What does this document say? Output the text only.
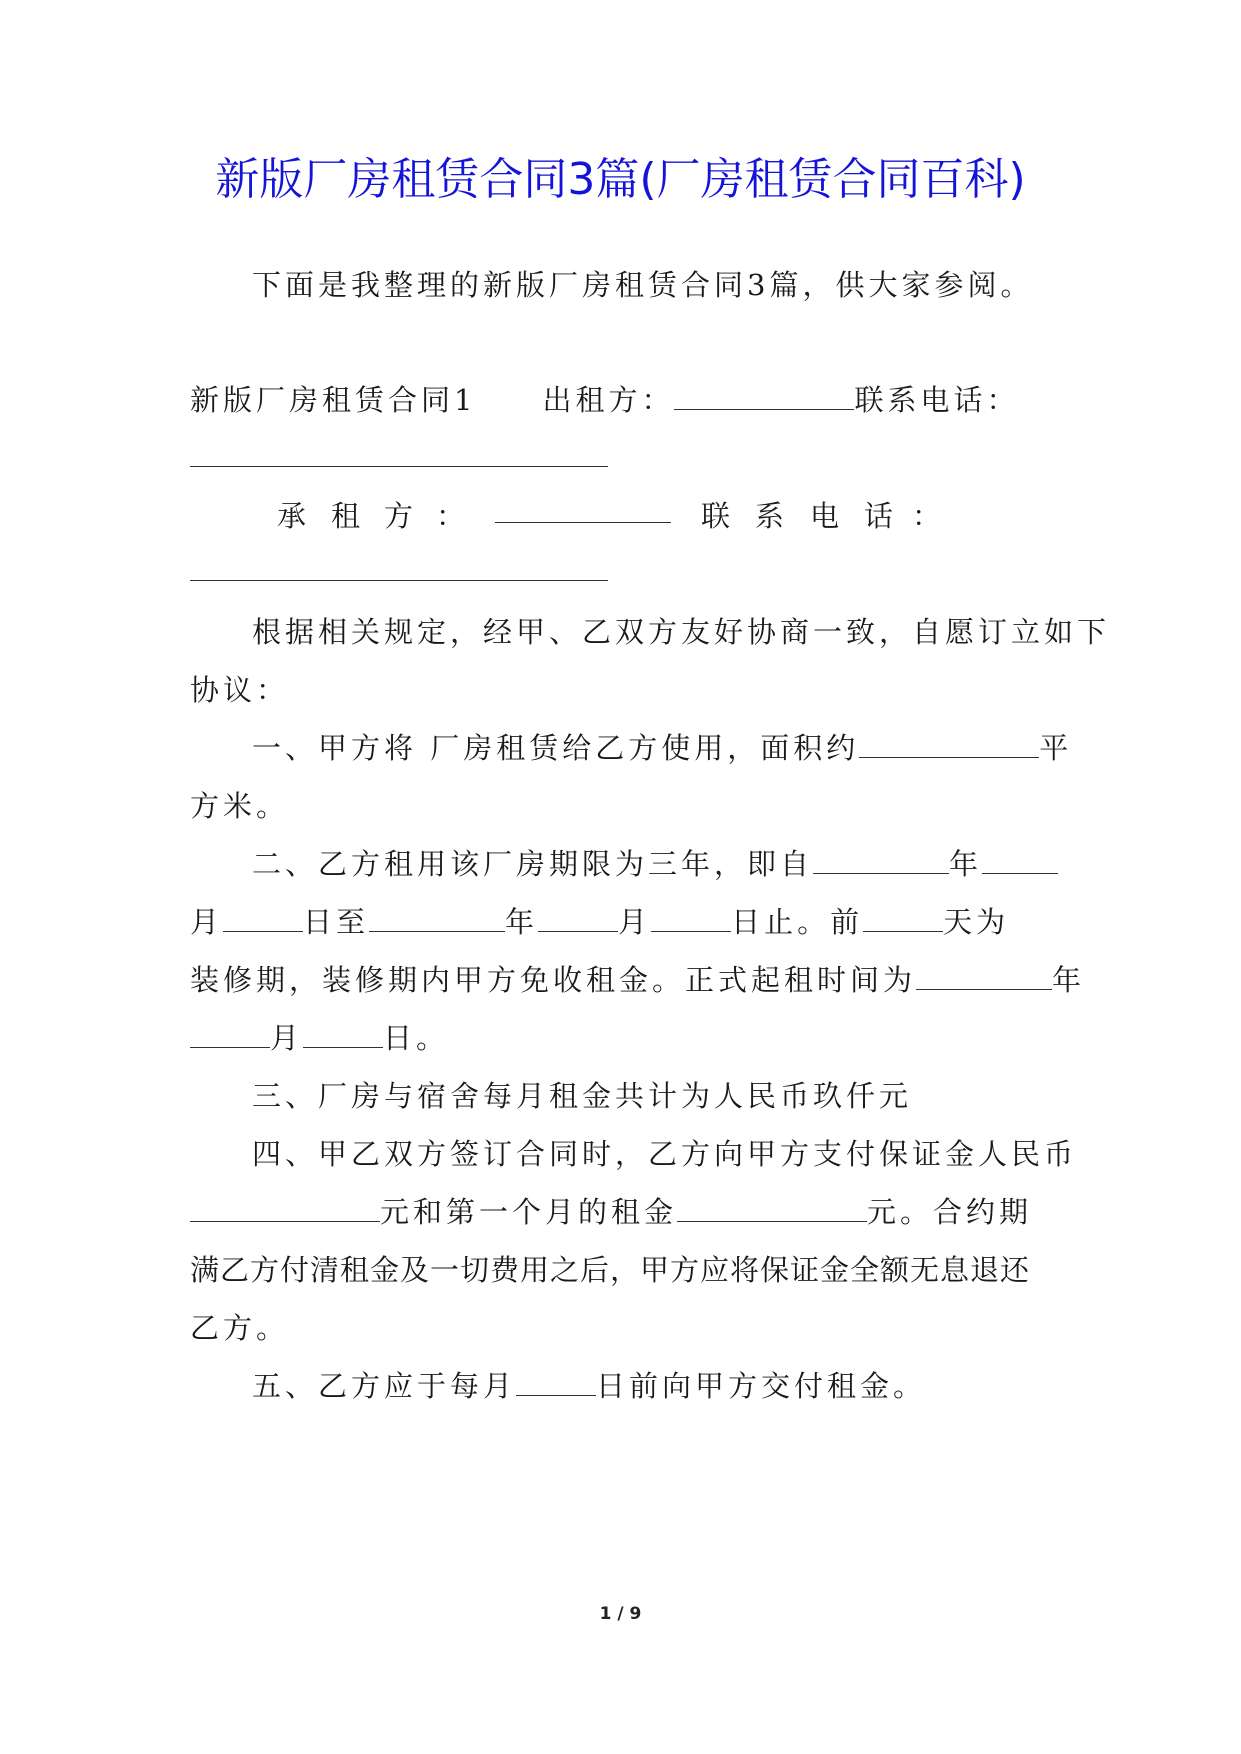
新版厂房租赁合同3篇(厂房租赁合同百科)
下面是我整理的新版厂房租赁合同3篇，供大家参阅。
新版厂房租赁合同1 出租方：	联系电话：
承 租 方 ：	联 系 电 话 ：
根据相关规定，经甲、乙双方友好协商一致，自愿订立如下
协议：
一、甲方将 厂房租赁给乙方使用，面积约	平
方米。
二、乙方租用该厂房期限为三年，即自	年
月	日至	年	月	日止。前	天为
装修期，装修期内甲方免收租金。正式起租时间为	年
月	日。
三、厂房与宿舍每月租金共计为人民币玖仟元
四、甲乙双方签订合同时，乙方向甲方支付保证金人民币
元和第一个月的租金	元。合约期
满乙方付清租金及一切费用之后，甲方应将保证金全额无息退还
乙方。
五、乙方应于每月	日前向甲方交付租金。
1 / 9
